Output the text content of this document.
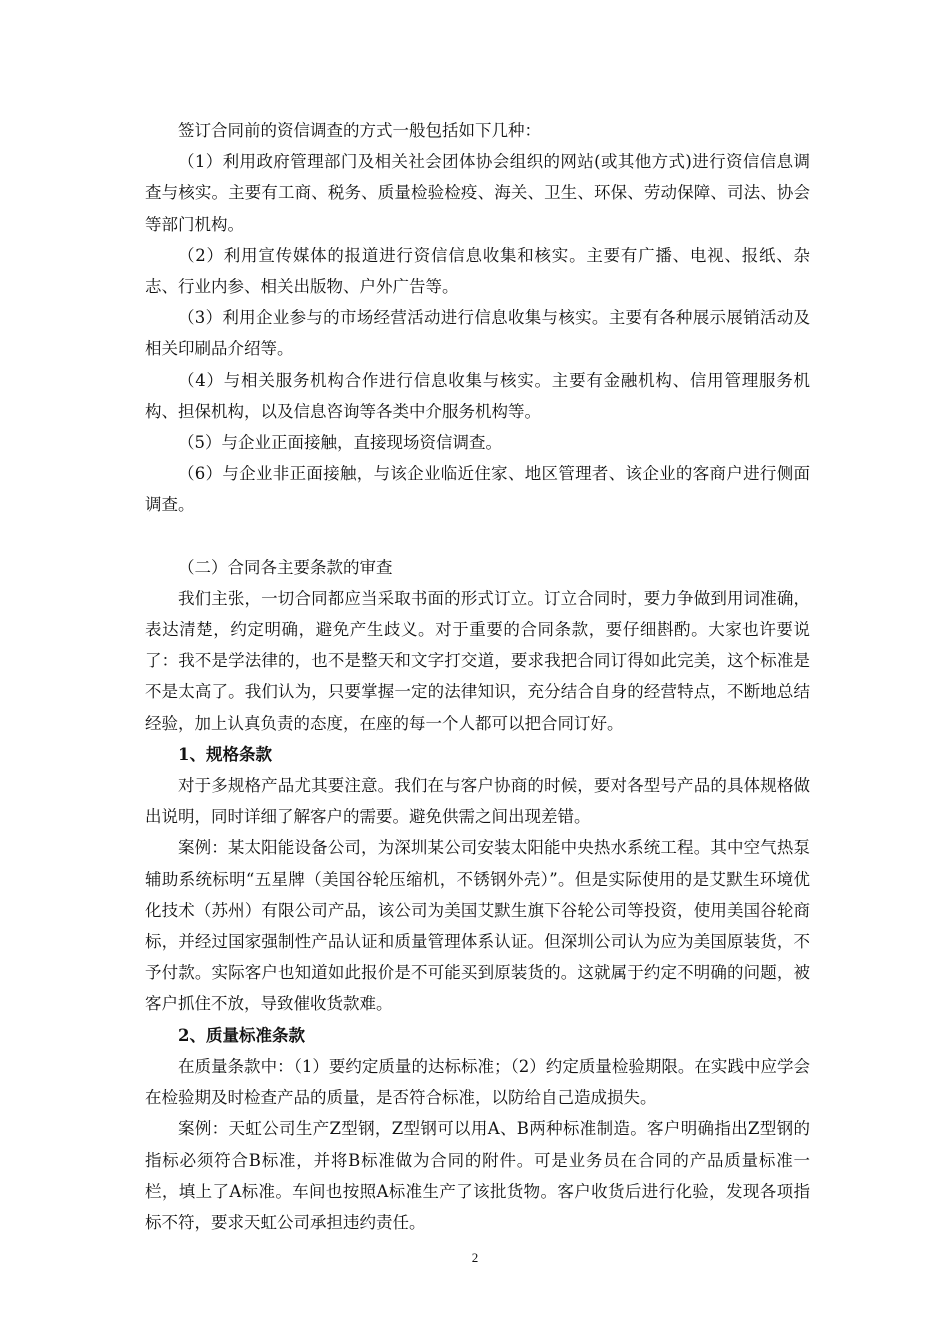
签订合同前的资信调查的方式一般包括如下几种：

（1）利用政府管理部门及相关社会团体协会组织的网站(或其他方式)进行资信信息调查与核实。主要有工商、税务、质量检验检疫、海关、卫生、环保、劳动保障、司法、协会等部门机构。

（2）利用宣传媒体的报道进行资信信息收集和核实。主要有广播、电视、报纸、杂志、行业内参、相关出版物、户外广告等。

（3）利用企业参与的市场经营活动进行信息收集与核实。主要有各种展示展销活动及相关印刷品介绍等。

（4）与相关服务机构合作进行信息收集与核实。主要有金融机构、信用管理服务机构、担保机构，以及信息咨询等各类中介服务机构等。

（5）与企业正面接触，直接现场资信调查。

（6）与企业非正面接触，与该企业临近住家、地区管理者、该企业的客商户进行侧面调查。

（二）合同各主要条款的审查

我们主张，一切合同都应当采取书面的形式订立。订立合同时，要力争做到用词准确，表达清楚，约定明确，避免产生歧义。对于重要的合同条款，要仔细斟酌。大家也许要说了：我不是学法律的，也不是整天和文字打交道，要求我把合同订得如此完美，这个标准是不是太高了。我们认为，只要掌握一定的法律知识，充分结合自身的经营特点，不断地总结经验，加上认真负责的态度，在座的每一个人都可以把合同订好。

1、规格条款

对于多规格产品尤其要注意。我们在与客户协商的时候，要对各型号产品的具体规格做出说明，同时详细了解客户的需要。避免供需之间出现差错。

案例：某太阳能设备公司，为深圳某公司安装太阳能中央热水系统工程。其中空气热泵辅助系统标明“五星牌（美国谷轮压缩机，不锈钢外壳）”。但是实际使用的是艾默生环境优化技术（苏州）有限公司产品，该公司为美国艾默生旗下谷轮公司等投资，使用美国谷轮商标，并经过国家强制性产品认证和质量管理体系认证。但深圳公司认为应为美国原装货，不予付款。实际客户也知道如此报价是不可能买到原装货的。这就属于约定不明确的问题，被客户抓住不放，导致催收货款难。

2、质量标准条款

在质量条款中：（1）要约定质量的达标标准；（2）约定质量检验期限。在实践中应学会在检验期及时检查产品的质量，是否符合标准，以防给自己造成损失。

案例：天虹公司生产Z型钢，Z型钢可以用A、B两种标准制造。客户明确指出Z型钢的指标必须符合B标准，并将B标准做为合同的附件。可是业务员在合同的产品质量标准一栏，填上了A标准。车间也按照A标准生产了该批货物。客户收货后进行化验，发现各项指标不符，要求天虹公司承担违约责任。

2
